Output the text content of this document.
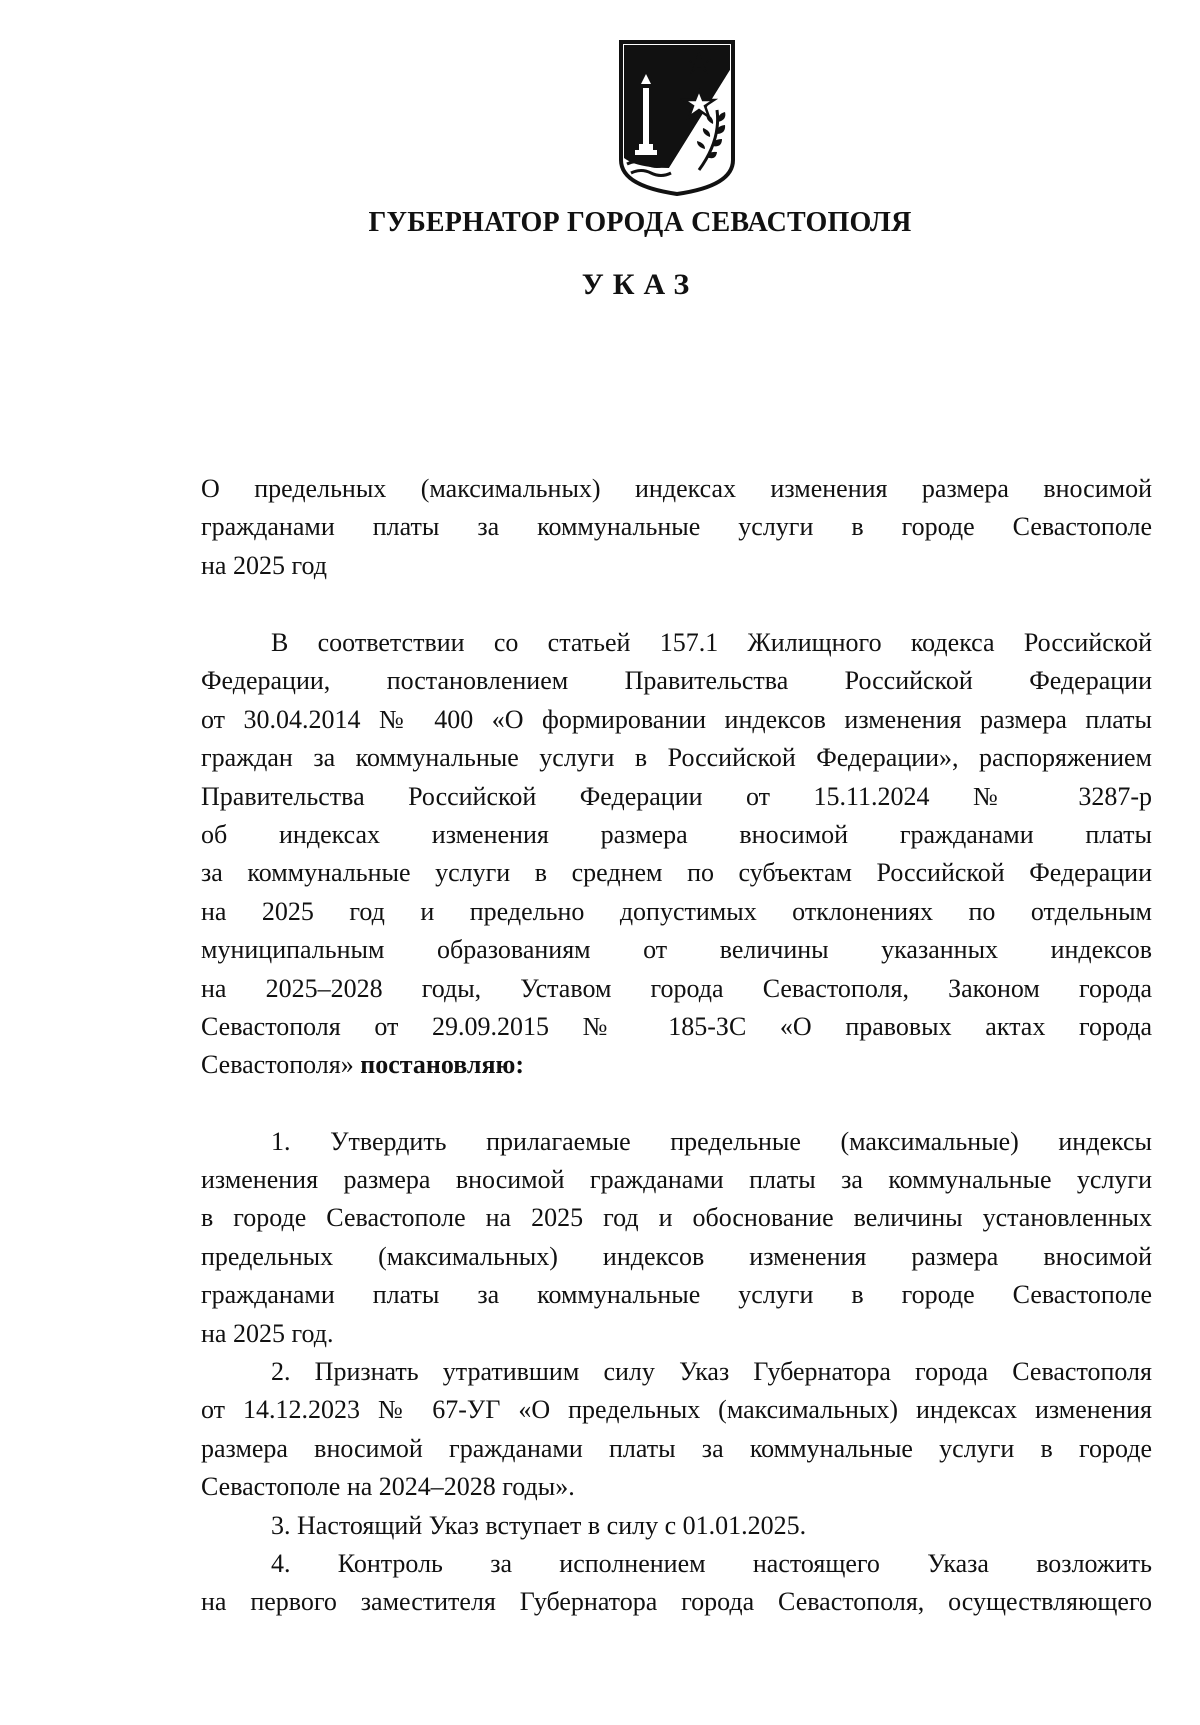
ГУБЕРНАТОР ГОРОДА СЕВАСТОПОЛЯ
УКАЗ
О предельных (максимальных) индексах изменения размера вносимой
гражданами платы за коммунальные услуги в городе Севастополе
на 2025 год
В соответствии со статьей 157.1 Жилищного кодекса Российской
Федерации, постановлением Правительства Российской Федерации
от 30.04.2014 № 400 «О формировании индексов изменения размера платы
граждан за коммунальные услуги в Российской Федерации», распоряжением
Правительства Российской Федерации от 15.11.2024 № 3287-р
об индексах изменения размера вносимой гражданами платы
за коммунальные услуги в среднем по субъектам Российской Федерации
на 2025 год и предельно допустимых отклонениях по отдельным
муниципальным образованиям от величины указанных индексов
на 2025–2028 годы, Уставом города Севастополя, Законом города
Севастополя от 29.09.2015 № 185-ЗС «О правовых актах города
Севастополя» постановляю:
1. Утвердить прилагаемые предельные (максимальные) индексы
изменения размера вносимой гражданами платы за коммунальные услуги
в городе Севастополе на 2025 год и обоснование величины установленных
предельных (максимальных) индексов изменения размера вносимой
гражданами платы за коммунальные услуги в городе Севастополе
на 2025 год.
2. Признать утратившим силу Указ Губернатора города Севастополя
от 14.12.2023 № 67-УГ «О предельных (максимальных) индексах изменения
размера вносимой гражданами платы за коммунальные услуги в городе
Севастополе на 2024–2028 годы».
3. Настоящий Указ вступает в силу с 01.01.2025.
4. Контроль за исполнением настоящего Указа возложить
на первого заместителя Губернатора города Севастополя, осуществляющего
